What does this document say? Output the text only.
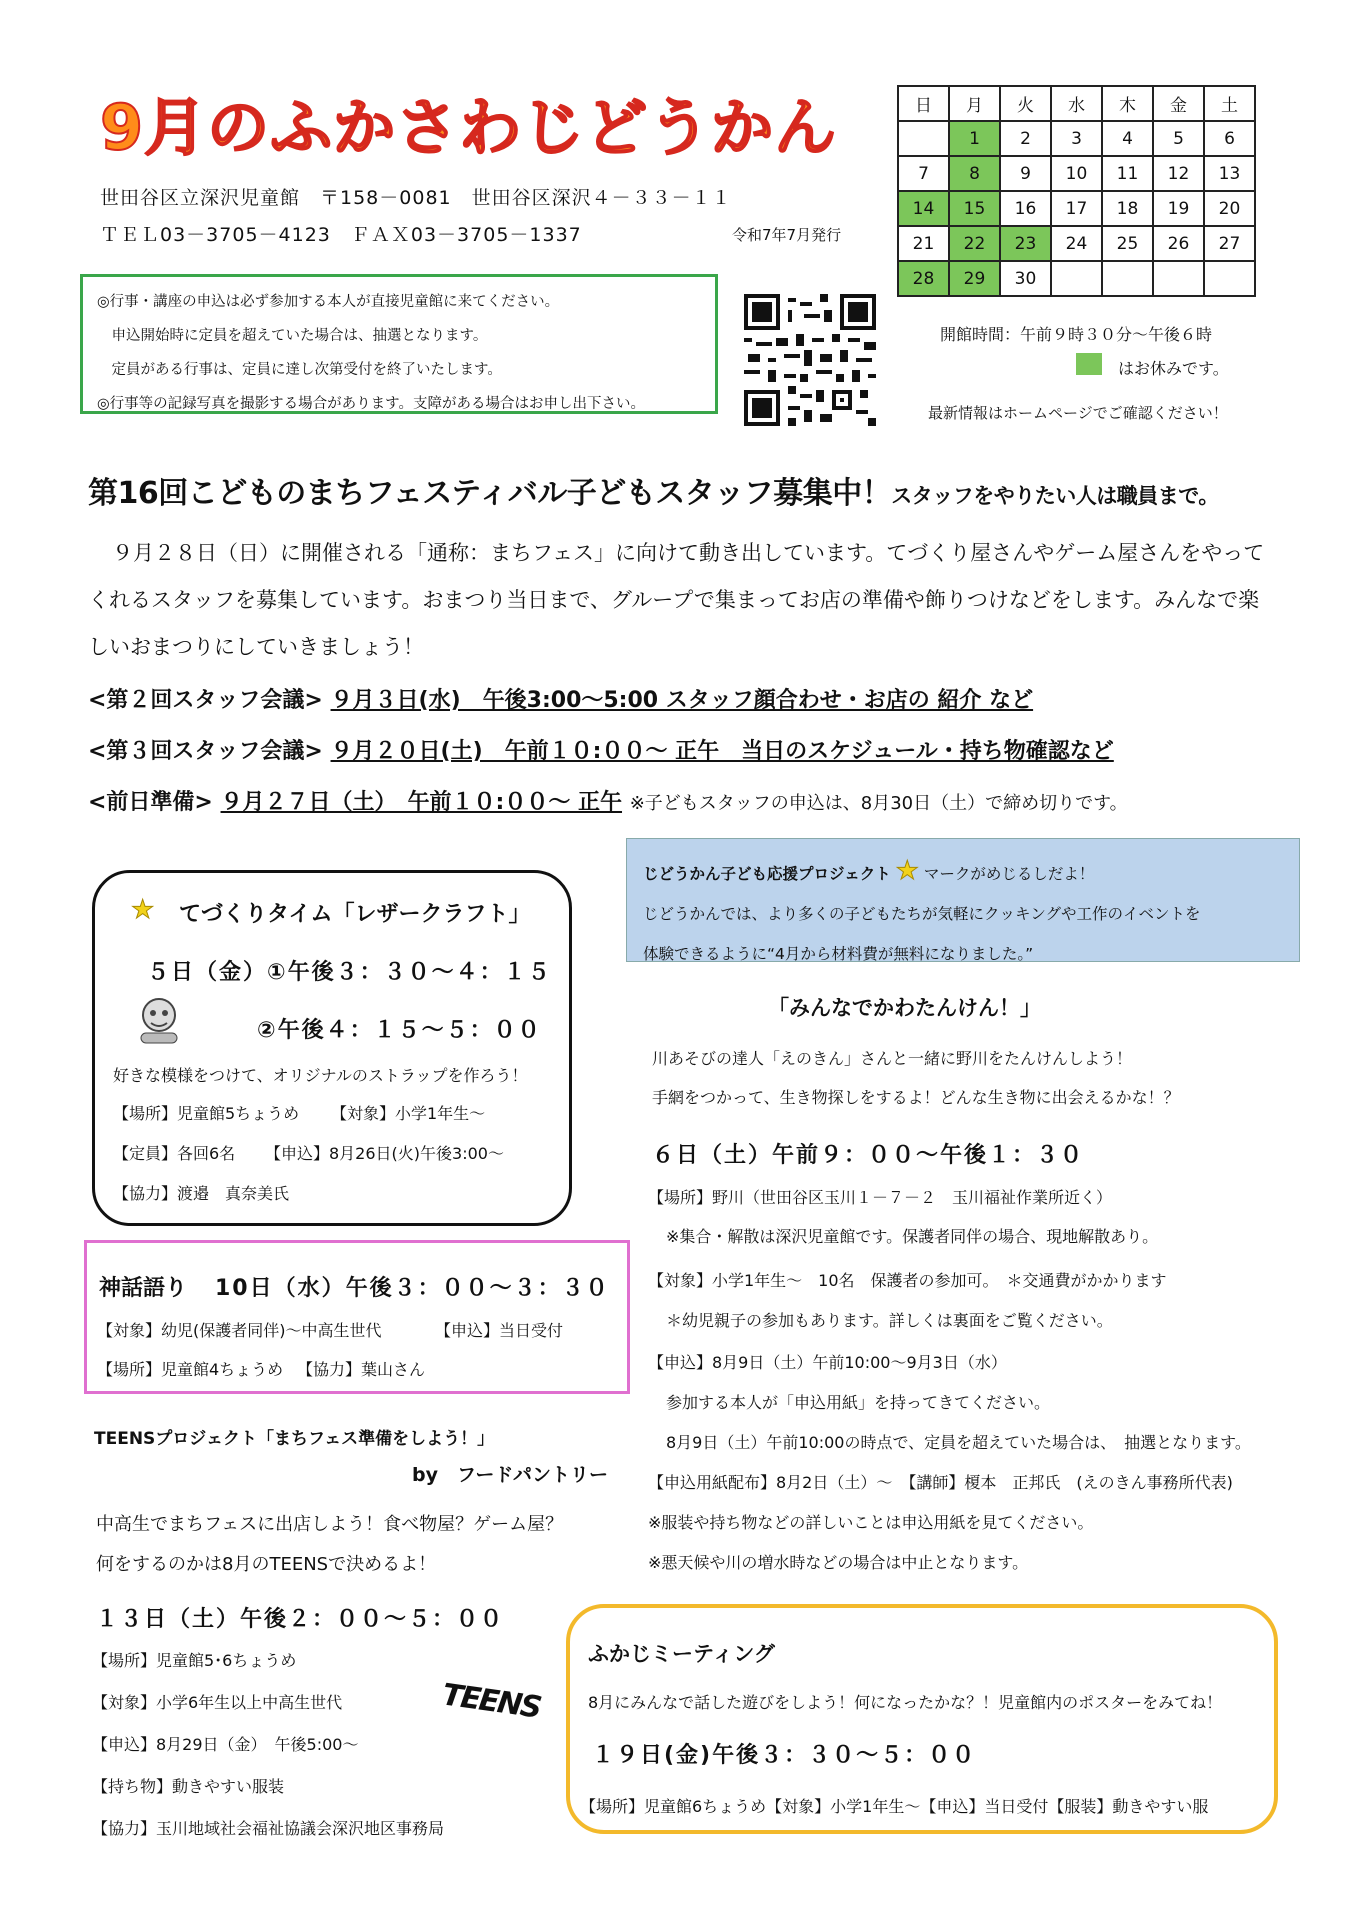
9月のふかさわじどうかん
世田谷区立深沢児童館　〒158－0081　世田谷区深沢４－３３－１１
ＴＥＬ03－3705－4123　ＦＡＸ03－3705－1337	令和7年7月発行
日	月	火	水	木	金	土
	1	2	3	4	5	6
7	8	9	10	11	12	13
14	15	16	17	18	19	20
21	22	23	24	25	26	27
28	29	30				
◎行事・講座の申込は必ず参加する本人が直接児童館に来てください。
　申込開始時に定員を超えていた場合は、抽選となります。
　定員がある行事は、定員に達し次第受付を終了いたします。
◎行事等の記録写真を撮影する場合があります。支障がある場合はお申し出下さい。
開館時間：午前９時３０分～午後６時
はお休みです。
最新情報はホームページでご確認ください！
第16回こどものまちフェスティバル子どもスタッフ募集中！スタッフをやりたい人は職員まで。
９月２８日（日）に開催される「通称：まちフェス」に向けて動き出しています。てづくり屋さんやゲーム屋さんをやってくれるスタッフを募集しています。おまつり当日まで、グループで集まってお店の準備や飾りつけなどをします。みんなで楽しいおまつりにしていきましょう！
<第２回スタッフ会議> ９月３日(水)　午後3:00～5:00 スタッフ顔合わせ・お店の 紹介 など
<第３回スタッフ会議> ９月２０日(土)　午前１０:００～ 正午　当日のスケジュール・持ち物確認など
<前日準備> ９月２７日（土）　午前１０:００～ 正午 ※子どもスタッフの申込は、8月30日（土）で締め切りです。
★ てづくりタイム「レザークラフト」
５日（金）①午後３：３０～４：１５
②午後４：１５～５：００
好きな模様をつけて、オリジナルのストラップを作ろう！
【場所】児童館5ちょうめ 【対象】小学1年生～
【定員】各回6名 【申込】8月26日(火)午後3:00～
【協力】渡邉　真奈美氏
神話語り 10日（水）午後３：００～３：３０
【対象】幼児(保護者同伴)～中高生世代	【申込】当日受付
【場所】児童館4ちょうめ 【協力】葉山さん
TEENSプロジェクト「まちフェス準備をしよう！」
by　フードパントリー
中高生でまちフェスに出店しよう！食べ物屋？ゲーム屋？
何をするのかは8月のTEENSで決めるよ！
１３日（土）午後２：００～５：００
【場所】児童館5･6ちょうめ
【対象】小学6年生以上中高生世代	TEENS
【申込】8月29日（金）　午後5:00～
【持ち物】動きやすい服装
【協力】玉川地域社会福祉協議会深沢地区事務局
じどうかん子ども応援プロジェクト ★ マークがめじるしだよ！
じどうかんでは、より多くの子どもたちが気軽にクッキングや工作のイベントを
体験できるように“4月から材料費が無料になりました。”
「みんなでかわたんけん！」
川あそびの達人「えのきん」さんと一緒に野川をたんけんしよう！
手網をつかって、生き物探しをするよ！どんな生き物に出会えるかな！？
６日（土）午前９：００～午後１：３０
【場所】野川（世田谷区玉川１－７－２　玉川福祉作業所近く）
※集合・解散は深沢児童館です。保護者同伴の場合、現地解散あり。
【対象】小学1年生～　10名　保護者の参加可。　＊交通費がかかります
＊幼児親子の参加もあります。詳しくは裏面をご覧ください。
【申込】8月9日（土）午前10:00～9月3日（水）
参加する本人が「申込用紙」を持ってきてください。
8月9日（土）午前10:00の時点で、定員を超えていた場合は、　抽選となります。
【申込用紙配布】8月2日（土）～　【講師】榎本　正邦氏　(えのきん事務所代表)
※服装や持ち物などの詳しいことは申込用紙を見てください。
※悪天候や川の増水時などの場合は中止となります。
ふかじミーティング
8月にみんなで話した遊びをしよう！何になったかな？！児童館内のポスターをみてね！
１９日(金)午後３：３０～５：００
【場所】児童館6ちょうめ【対象】小学1年生～【申込】当日受付【服装】動きやすい服
